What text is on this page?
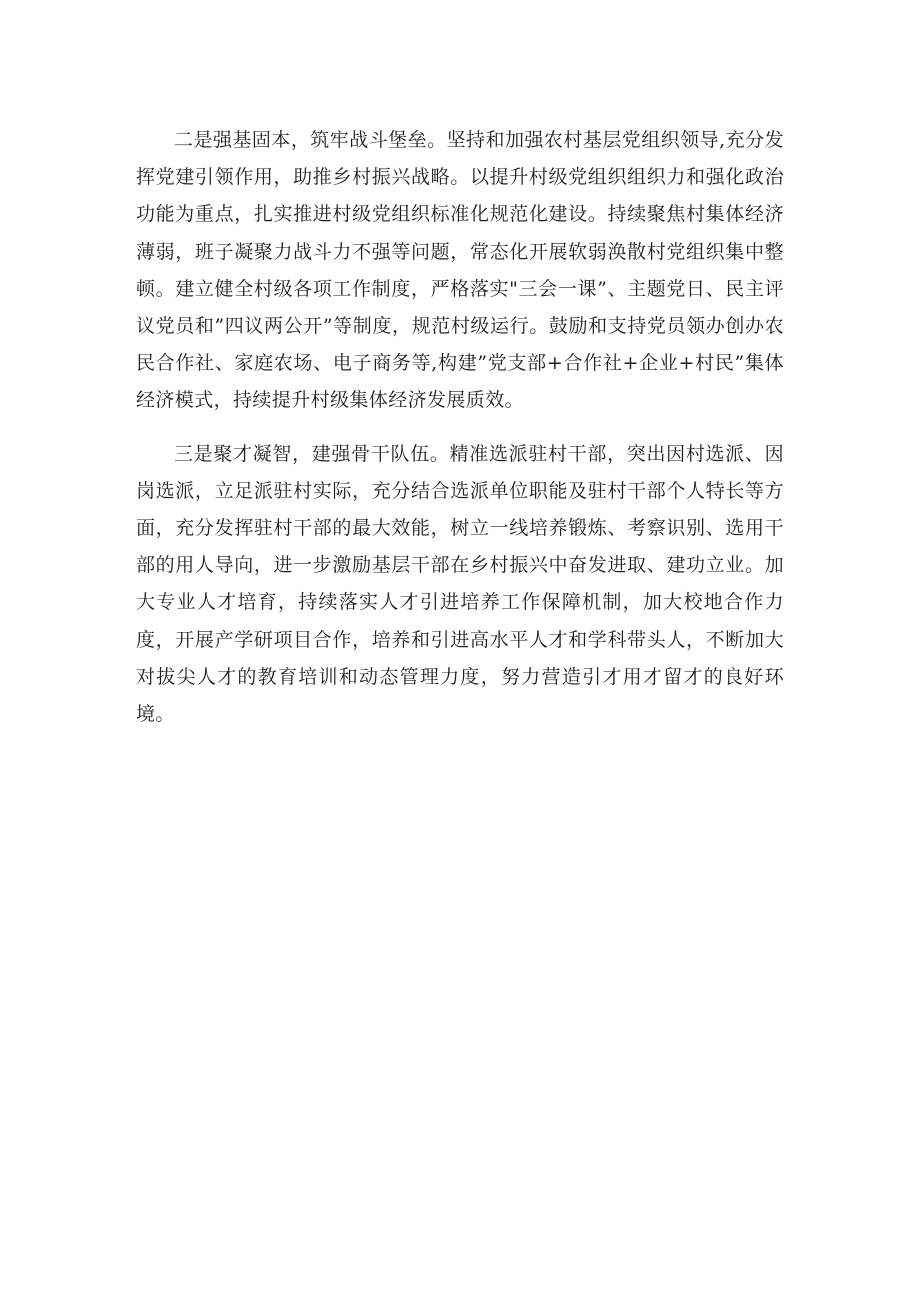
二是强基固本，筑牢战斗堡垒。坚持和加强农村基层党组织领导,充分发挥党建引领作用，助推乡村振兴战略。以提升村级党组织组织力和强化政治功能为重点，扎实推进村级党组织标准化规范化建设。持续聚焦村集体经济薄弱，班子凝聚力战斗力不强等问题，常态化开展软弱涣散村党组织集中整顿。建立健全村级各项工作制度，严格落实"三会一课”、主题党日、民主评议党员和”四议两公开”等制度，规范村级运行。鼓励和支持党员领办创办农民合作社、家庭农场、电子商务等,构建”党支部+合作社+企业+村民”集体经济模式，持续提升村级集体经济发展质效。

三是聚才凝智，建强骨干队伍。精准选派驻村干部，突出因村选派、因岗选派，立足派驻村实际，充分结合选派单位职能及驻村干部个人特长等方面，充分发挥驻村干部的最大效能，树立一线培养锻炼、考察识别、选用干部的用人导向，进一步激励基层干部在乡村振兴中奋发进取、建功立业。加大专业人才培育，持续落实人才引进培养工作保障机制，加大校地合作力度，开展产学研项目合作，培养和引进高水平人才和学科带头人，不断加大对拔尖人才的教育培训和动态管理力度，努力营造引才用才留才的良好环境。
